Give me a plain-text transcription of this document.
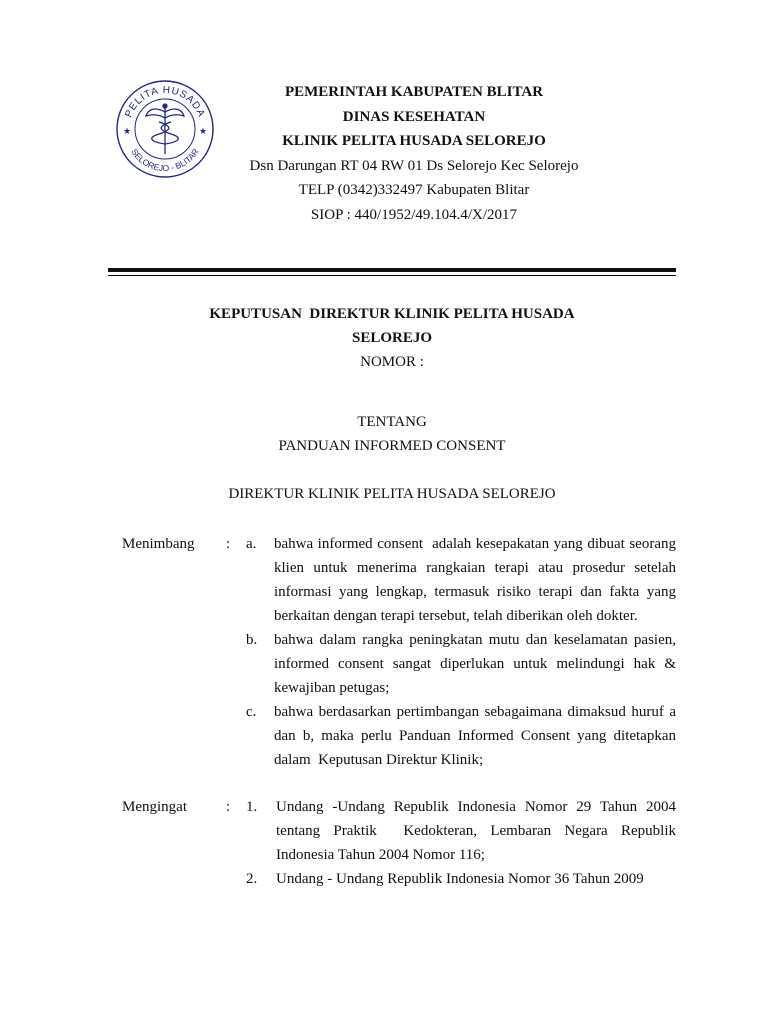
PELITA HUSADA
SELOREJO - BLITAR
★	★
PEMERINTAH KABUPATEN BLITAR
DINAS KESEHATAN
KLINIK PELITA HUSADA SELOREJO
Dsn Darungan RT 04 RW 01 Ds Selorejo Kec Selorejo
TELP (0342)332497 Kabupaten Blitar
SIOP : 440/1952/49.104.4/X/2017
KEPUTUSAN  DIREKTUR KLINIK PELITA HUSADA
SELOREJO
NOMOR :
TENTANG
PANDUAN INFORMED CONSENT
DIREKTUR KLINIK PELITA HUSADA SELOREJO
Menimbang	:	a.	bahwa informed consent  adalah kesepakatan yang dibuat seorang klien untuk menerima rangkaian terapi atau prosedur setelah informasi yang lengkap, termasuk risiko terapi dan fakta yang berkaitan dengan terapi tersebut, telah diberikan oleh dokter.
b.	bahwa dalam rangka peningkatan mutu dan keselamatan pasien, informed consent sangat diperlukan untuk melindungi hak & kewajiban petugas;
c.	bahwa berdasarkan pertimbangan sebagaimana dimaksud huruf a dan b, maka perlu Panduan Informed Consent yang ditetapkan dalam  Keputusan Direktur Klinik;
Mengingat	:	1.	Undang -Undang Republik Indonesia Nomor 29 Tahun 2004 tentang Praktik  Kedokteran, Lembaran Negara Republik Indonesia Tahun 2004 Nomor 116;
2.	Undang - Undang Republik Indonesia Nomor 36 Tahun 2009
